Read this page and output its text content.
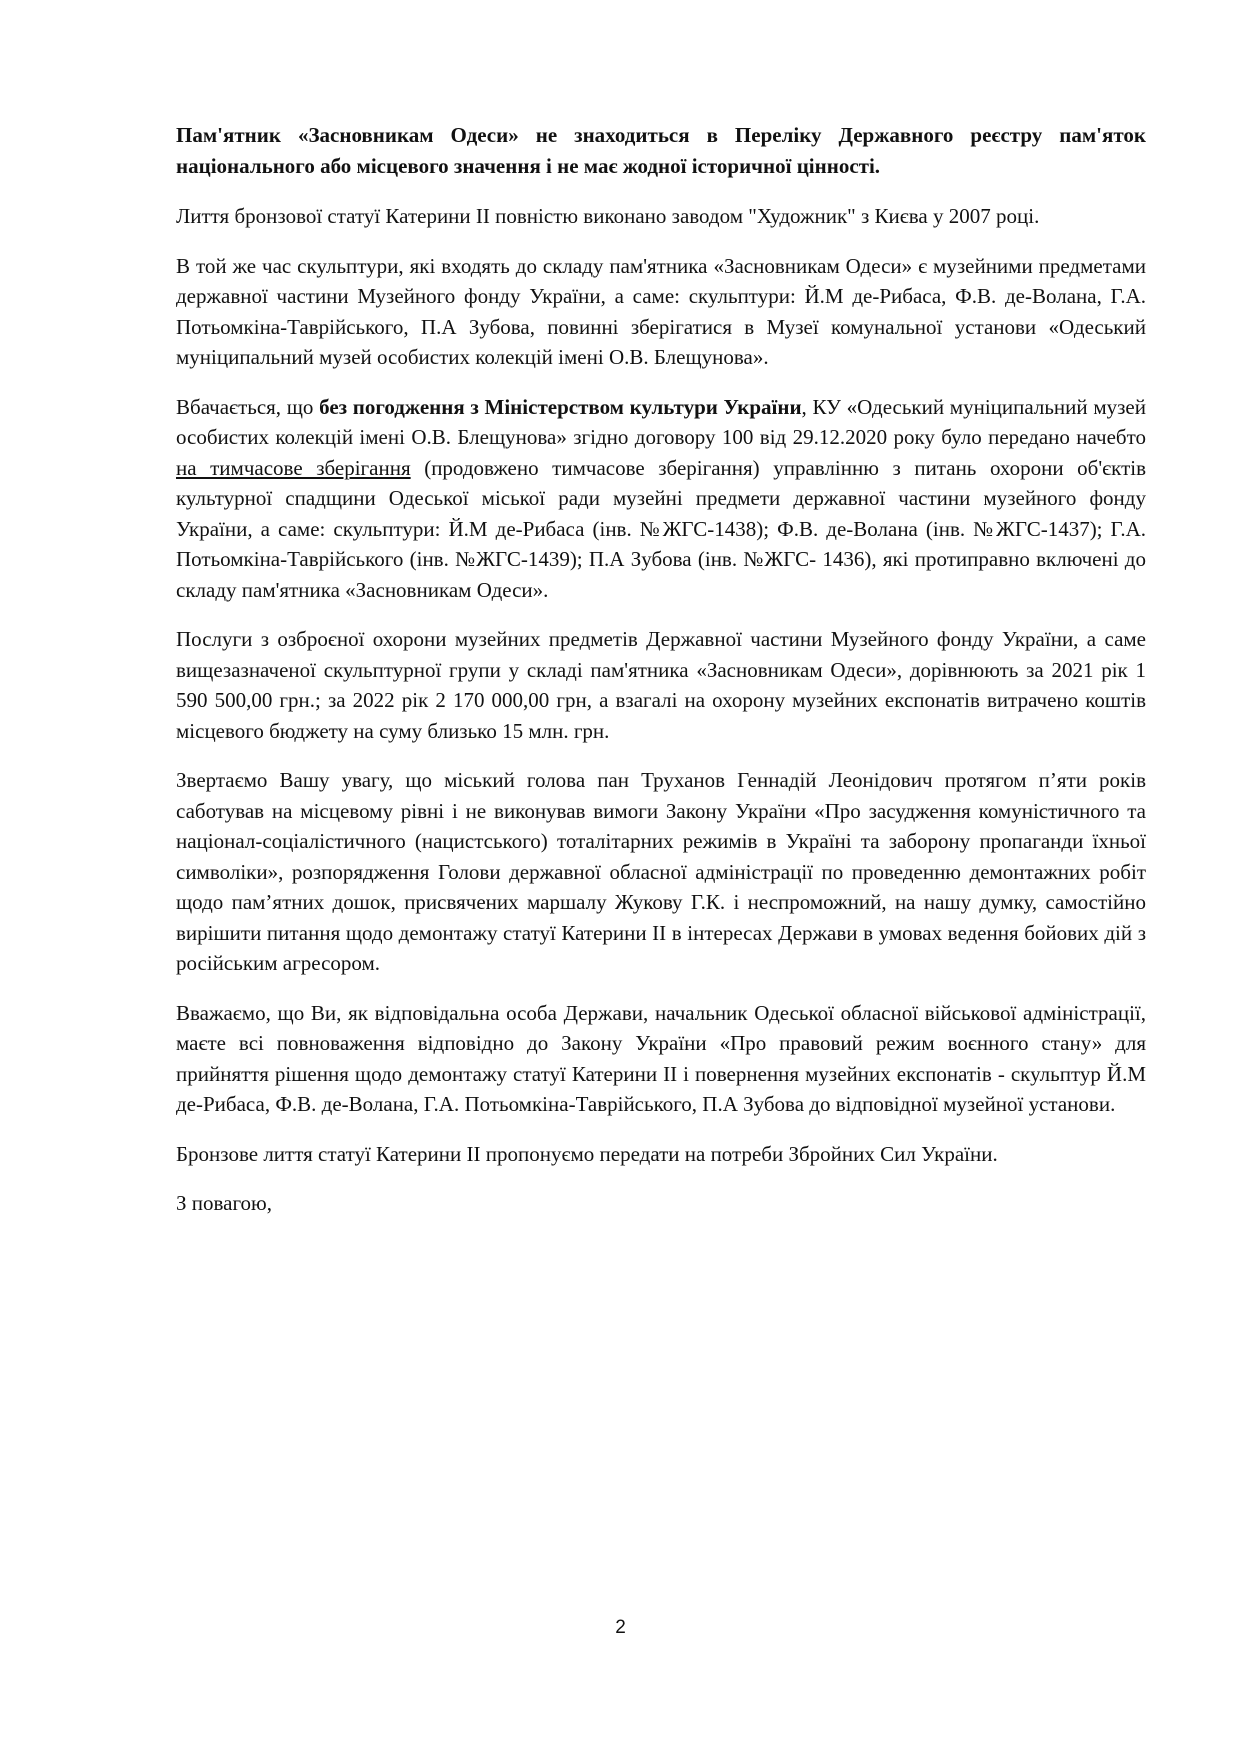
Пам'ятник «Засновникам Одеси» не знаходиться в Переліку Державного реєстру пам'яток національного або місцевого значення і не має жодної історичної цінності.

Лиття бронзової статуї Катерини ІІ повністю виконано заводом "Художник" з Києва у 2007 році.

В той же час скульптури, які входять до складу пам'ятника «Засновникам Одеси» є музейними предметами державної частини Музейного фонду України, а саме: скульптури: Й.М де-Рибаса, Ф.В. де-Волана, Г.А. Потьомкіна-Таврійського, П.А Зубова, повинні зберігатися в Музеї комунальної установи «Одеський муніципальний музей особистих колекцій імені О.В. Блещунова».

Вбачається, що без погодження з Міністерством культури України, КУ «Одеський муніципальний музей особистих колекцій імені О.В. Блещунова» згідно договору 100 від 29.12.2020 року було передано начебто на тимчасове зберігання (продовжено тимчасове зберігання) управлінню з питань охорони об'єктів культурної спадщини Одеської міської ради музейні предмети державної частини музейного фонду України, а саме: скульптури: Й.М де-Рибаса (інв. №ЖГС-1438); Ф.В. де-Волана (інв. №ЖГС-1437); Г.А. Потьомкіна-Таврійського (інв. №ЖГС-1439); П.А Зубова (інв. №ЖГС- 1436), які протиправно включені до складу пам'ятника «Засновникам Одеси».

Послуги з озброєної охорони музейних предметів Державної частини Музейного фонду України, а саме вищезазначеної скульптурної групи у складі пам'ятника «Засновникам Одеси», дорівнюють за 2021 рік 1 590 500,00 грн.; за 2022 рік 2 170 000,00 грн, а взагалі на охорону музейних експонатів витрачено коштів місцевого бюджету на суму близько 15 млн. грн.

Звертаємо Вашу увагу, що міський голова пан Труханов Геннадій Леонідович протягом п’яти років саботував на місцевому рівні і не виконував вимоги Закону України «Про засудження комуністичного та націонал-соціалістичного (нацистського) тоталітарних режимів в Україні та заборону пропаганди їхньої символіки», розпорядження Голови державної обласної адміністрації по проведенню демонтажних робіт щодо пам’ятних дошок, присвячених маршалу Жукову Г.К. і неспроможний, на нашу думку, самостійно вирішити питання щодо демонтажу статуї Катерини ІІ в інтересах Держави в умовах ведення бойових дій з російським агресором.

Вважаємо, що Ви, як відповідальна особа Держави, начальник Одеської обласної військової адміністрації, маєте всі повноваження відповідно до Закону України «Про правовий режим воєнного стану» для прийняття рішення щодо демонтажу статуї Катерини ІІ і повернення музейних експонатів - скульптур Й.М де-Рибаса, Ф.В. де-Волана, Г.А. Потьомкіна-Таврійського, П.А Зубова до відповідної музейної установи.

Бронзове лиття статуї Катерини ІІ пропонуємо передати на потреби Збройних Сил України.

З повагою,

2
